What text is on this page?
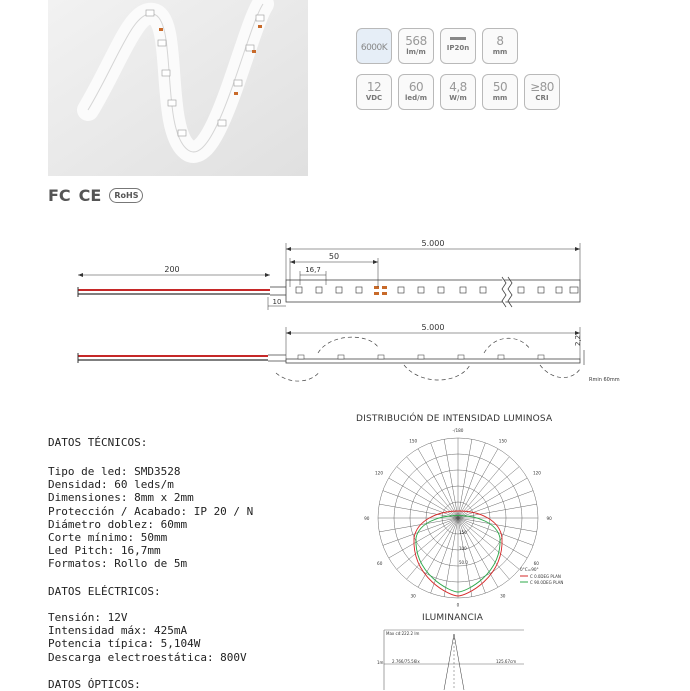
6000K	568
lm/m	IP20n	8
mm
12
VDC
60
led/m
4,8
W/m
50
mm
≥80
CRI
FC CE	RoHS
200
5.000
50
16,7
10
5.000
2,2
Rmin 60mm
DATOS TÉCNICOS:
Tipo de led: SMD3528
Densidad: 60 leds/m
Dimensiones: 8mm x 2mm
Protección / Acabado: IP 20 / N
Diámetro doblez: 60mm
Corte mínimo: 50mm
Led Pitch: 16,7mm
Formatos: Rollo de 5m
DATOS ELÉCTRICOS:
Tensión: 12V
Intensidad máx: 425mA
Potencia típica: 5,104W
Descarga electroestática: 800V
DATOS ÓPTICOS:
DISTRIBUCIÓN DE INTENSIDAD LUMINOSA
-/180
150
150
120
120
90
90
60
60
30
30
0
50.0
100
150
0°C=90°
C 0.0DEG PLAN
C 90.0DEG PLAN
ILUMINANCIA
Max cd:222.2 lm
1m 2.766/75.56lx	125.67cm
